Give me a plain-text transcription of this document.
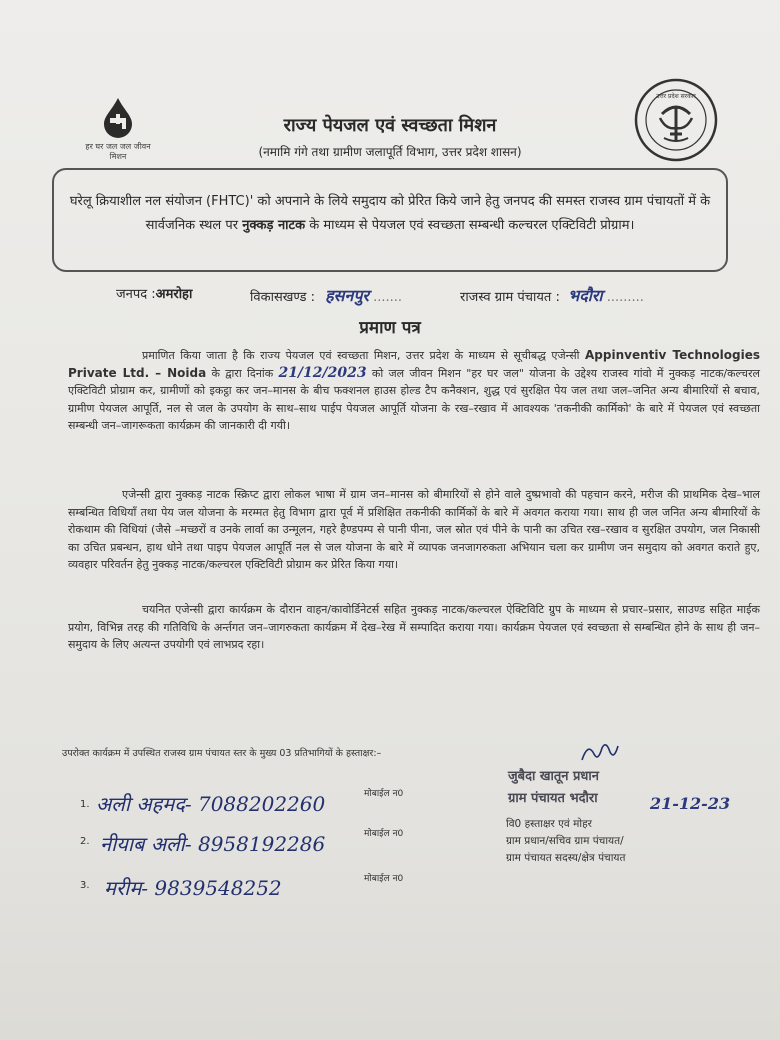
हर घर जल जल जीवन मिशन
उत्तर प्रदेश सरकार
राज्य पेयजल एवं स्वच्छता मिशन
(नमामि गंगे तथा ग्रामीण जलापूर्ति विभाग, उत्तर प्रदेश शासन)
घरेलू क्रियाशील नल संयोजन (FHTC)' को अपनाने के लिये समुदाय को प्रेरित किये जाने हेतु जनपद की समस्त राजस्व ग्राम पंचायतों में के सार्वजनिक स्थल पर नुक्कड़ नाटक के माध्यम से पेयजल एवं स्वच्छता सम्बन्धी कल्चरल एक्टिविटी प्रोग्राम।
जनपद :अमरोहा	विकासखण्ड : हसनपुर .......	राजस्व ग्राम पंचायत : भदौरा .........
प्रमाण पत्र
प्रमाणित किया जाता है कि राज्य पेयजल एवं स्वच्छता मिशन, उत्तर प्रदेश के माध्यम से सूचीबद्ध एजेन्सी Appinventiv Technologies Private Ltd. – Noida के द्वारा दिनांक 21/12/2023 को जल जीवन मिशन "हर घर जल" योजना के उद्देश्य राजस्व गांवो में नुक्कड़ नाटक/कल्चरल एक्टिविटी प्रोग्राम कर, ग्रामीणों को इकट्ठा कर जन–मानस के बीच फक्शनल हाउस होल्ड टैप कनैक्शन, शुद्ध एवं सुरक्षित पेय जल तथा जल–जनित अन्य बीमारियों से बचाव, ग्रामीण पेयजल आपूर्ति, नल से जल के उपयोग के साथ–साथ पाईप पेयजल आपूर्ति योजना के रख–रखाव में आवश्यक 'तकनीकी कार्मिको' के बारे में पेयजल एवं स्वच्छता सम्बन्धी जन–जागरूकता कार्यक्रम की जानकारी दी गयी।
एजेन्सी द्वारा नुक्कड़ नाटक स्क्रिप्ट द्वारा लोकल भाषा में ग्राम जन–मानस को बीमारियों से होने वाले दुष्प्रभावो की पहचान करने, मरीज की प्राथमिक देख–भाल सम्बन्धित विधियाँ तथा पेय जल योजना के मरम्मत हेतु विभाग द्वारा पूर्व में प्रशिक्षित तकनीकी कार्मिकों के बारे में अवगत कराया गया। साथ ही जल जनित अन्य बीमारियों के रोकथाम की विधियां (जैसे –मच्छरों व उनके लार्वा का उन्मूलन, गहरे हैण्डपम्प से पानी पीना, जल स्रोत एवं पीने के पानी का उचित रख–रखाव व सुरक्षित उपयोग, जल निकासी का उचित प्रबन्धन, हाथ धोने तथा पाइप पेयजल आपूर्ति नल से जल योजना के बारे में व्यापक जनजागरुकता अभियान चला कर ग्रामीण जन समुदाय को अवगत कराते हुए, व्यवहार परिवर्तन हेतु नुक्कड़ नाटक/कल्चरल एक्टिविटी प्रोग्राम कर प्रेरित किया गया।
चयनित एजेन्सी द्वारा कार्यक्रम के दौरान वाहन/कावोर्डिनेटर्स सहित नुक्कड़ नाटक/कल्चरल ऐक्टिविटि ग्रुप के माध्यम से प्रचार–प्रसार, साउण्ड सहित माईक प्रयोग, विभिन्न तरह की गतिविधि के अर्न्तगत जन–जागरुकता कार्यक्रम मेंं देख–रेख में सम्पादित कराया गया। कार्यक्रम पेयजल एवं स्वच्छता से सम्बन्धित होने के साथ ही जन–समुदाय के लिए अत्यन्त उपयोगी एवं लाभप्रद रहा।
उपरोक्त कार्यक्रम में उपस्थित राजस्व ग्राम पंचायत स्तर के मुख्य 03 प्रतिभागियों के हस्ताक्षर:–
1. अली अहमद- 7088202260	मोबाईल न0
2. नीयाब अली- 8958192286	मोबाईल न0
3. मरीम- 9839548252	मोबाईल न0
जुबैदा खातून प्रधान
ग्राम पंचायत भदौरा	21-12-23
वि0 हस्ताक्षर एवं मोहर
ग्राम प्रधान/सचिव ग्राम पंचायत/
ग्राम पंचायत सदस्य/क्षेत्र पंचायत
